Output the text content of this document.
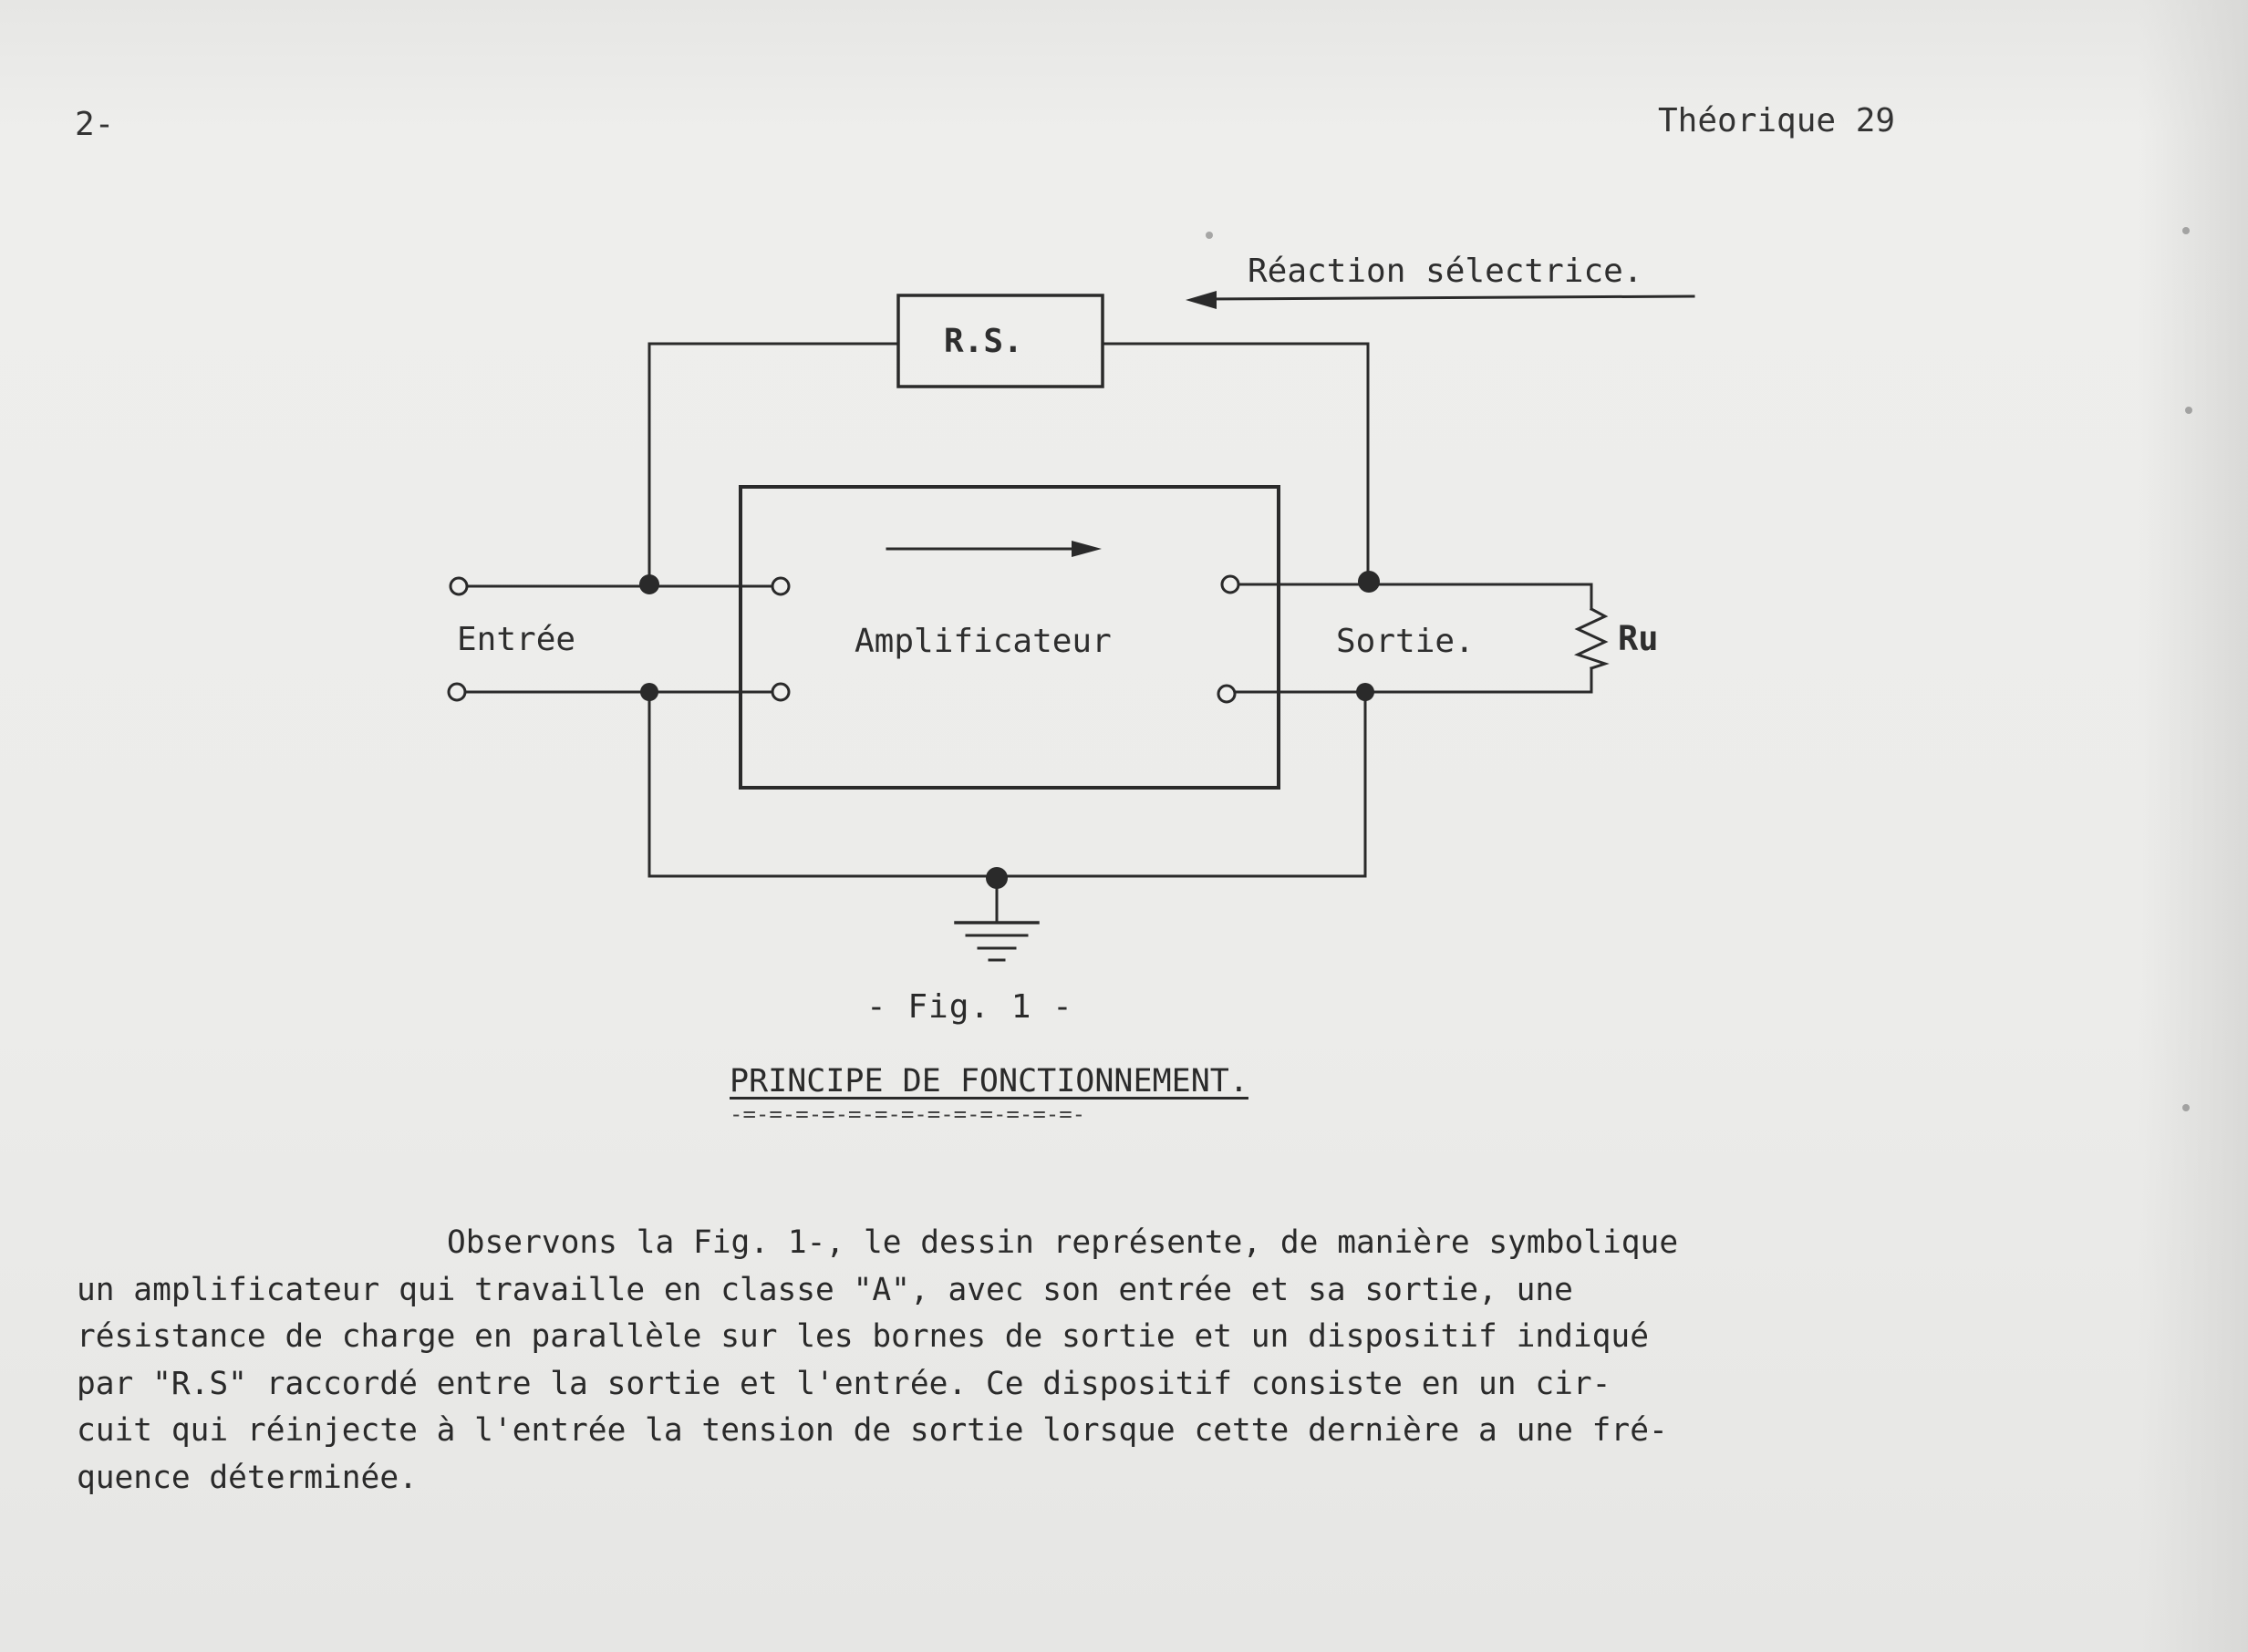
2-	Théorique 29
Réaction sélectrice.
R.S.
Entrée	Amplificateur	Sortie.	Ru
- Fig. 1 -
PRINCIPE DE FONCTIONNEMENT.
-=-=-=-=-=-=-=-=-=-=-=-=-=-
Observons la Fig. 1-, le dessin représente, de manière symbolique
un amplificateur qui travaille en classe "A", avec son entrée et sa sortie, une
résistance de charge en parallèle sur les bornes de sortie et un dispositif indiqué
par "R.S" raccordé entre la sortie et l'entrée. Ce dispositif consiste en un cir-
cuit qui réinjecte à l'entrée la tension de sortie lorsque cette dernière a une fré-
quence déterminée.
